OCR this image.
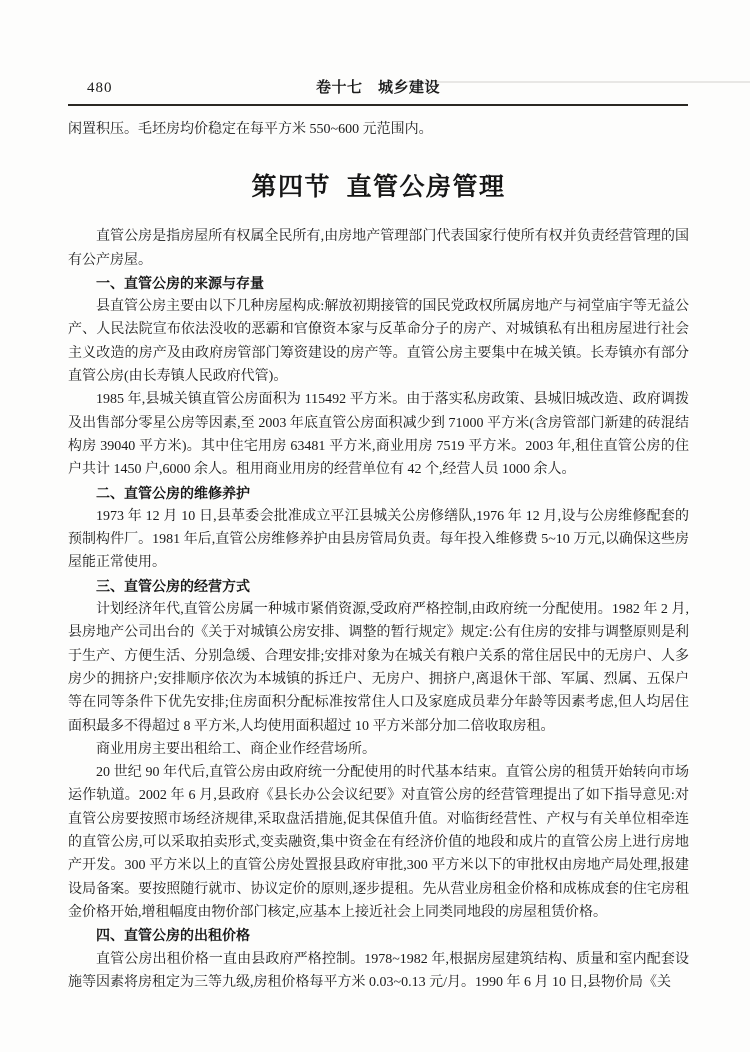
480	卷十七　城乡建设

闲置积压。毛坯房均价稳定在每平方米 550~600 元范围内。

第四节 直管公房管理

直管公房是指房屋所有权属全民所有,由房地产管理部门代表国家行使所有权并负责经营管理的国有公产房屋。

一、直管公房的来源与存量

县直管公房主要由以下几种房屋构成:解放初期接管的国民党政权所属房地产与祠堂庙宇等无益公产、人民法院宣布依法没收的恶霸和官僚资本家与反革命分子的房产、对城镇私有出租房屋进行社会主义改造的房产及由政府房管部门筹资建设的房产等。直管公房主要集中在城关镇。长寿镇亦有部分直管公房(由长寿镇人民政府代管)。

1985 年,县城关镇直管公房面积为 115492 平方米。由于落实私房政策、县城旧城改造、政府调拨及出售部分零星公房等因素,至 2003 年底直管公房面积减少到 71000 平方米(含房管部门新建的砖混结构房 39040 平方米)。其中住宅用房 63481 平方米,商业用房 7519 平方米。2003 年,租住直管公房的住户共计 1450 户,6000 余人。租用商业用房的经营单位有 42 个,经营人员 1000 余人。

二、直管公房的维修养护

1973 年 12 月 10 日,县革委会批准成立平江县城关公房修缮队,1976 年 12 月,设与公房维修配套的预制构件厂。1981 年后,直管公房维修养护由县房管局负责。每年投入维修费 5~10 万元,以确保这些房屋能正常使用。

三、直管公房的经营方式

计划经济年代,直管公房属一种城市紧俏资源,受政府严格控制,由政府统一分配使用。1982 年 2 月,县房地产公司出台的《关于对城镇公房安排、调整的暂行规定》规定:公有住房的安排与调整原则是利于生产、方便生活、分别急缓、合理安排;安排对象为在城关有粮户关系的常住居民中的无房户、人多房少的拥挤户;安排顺序依次为本城镇的拆迁户、无房户、拥挤户,离退休干部、军属、烈属、五保户等在同等条件下优先安排;住房面积分配标准按常住人口及家庭成员辈分年龄等因素考虑,但人均居住面积最多不得超过 8 平方米,人均使用面积超过 10 平方米部分加二倍收取房租。

商业用房主要出租给工、商企业作经营场所。

20 世纪 90 年代后,直管公房由政府统一分配使用的时代基本结束。直管公房的租赁开始转向市场运作轨道。2002 年 6 月,县政府《县长办公会议纪要》对直管公房的经营管理提出了如下指导意见:对直管公房要按照市场经济规律,采取盘活措施,促其保值升值。对临街经营性、产权与有关单位相牵连的直管公房,可以采取拍卖形式,变卖融资,集中资金在有经济价值的地段和成片的直管公房上进行房地产开发。300 平方米以上的直管公房处置报县政府审批,300 平方米以下的审批权由房地产局处理,报建设局备案。要按照随行就市、协议定价的原则,逐步提租。先从营业房租金价格和成栋成套的住宅房租金价格开始,增租幅度由物价部门核定,应基本上接近社会上同类同地段的房屋租赁价格。

四、直管公房的出租价格

直管公房出租价格一直由县政府严格控制。1978~1982 年,根据房屋建筑结构、质量和室内配套设施等因素将房租定为三等九级,房租价格每平方米 0.03~0.13 元/月。1990 年 6 月 10 日,县物价局《关
